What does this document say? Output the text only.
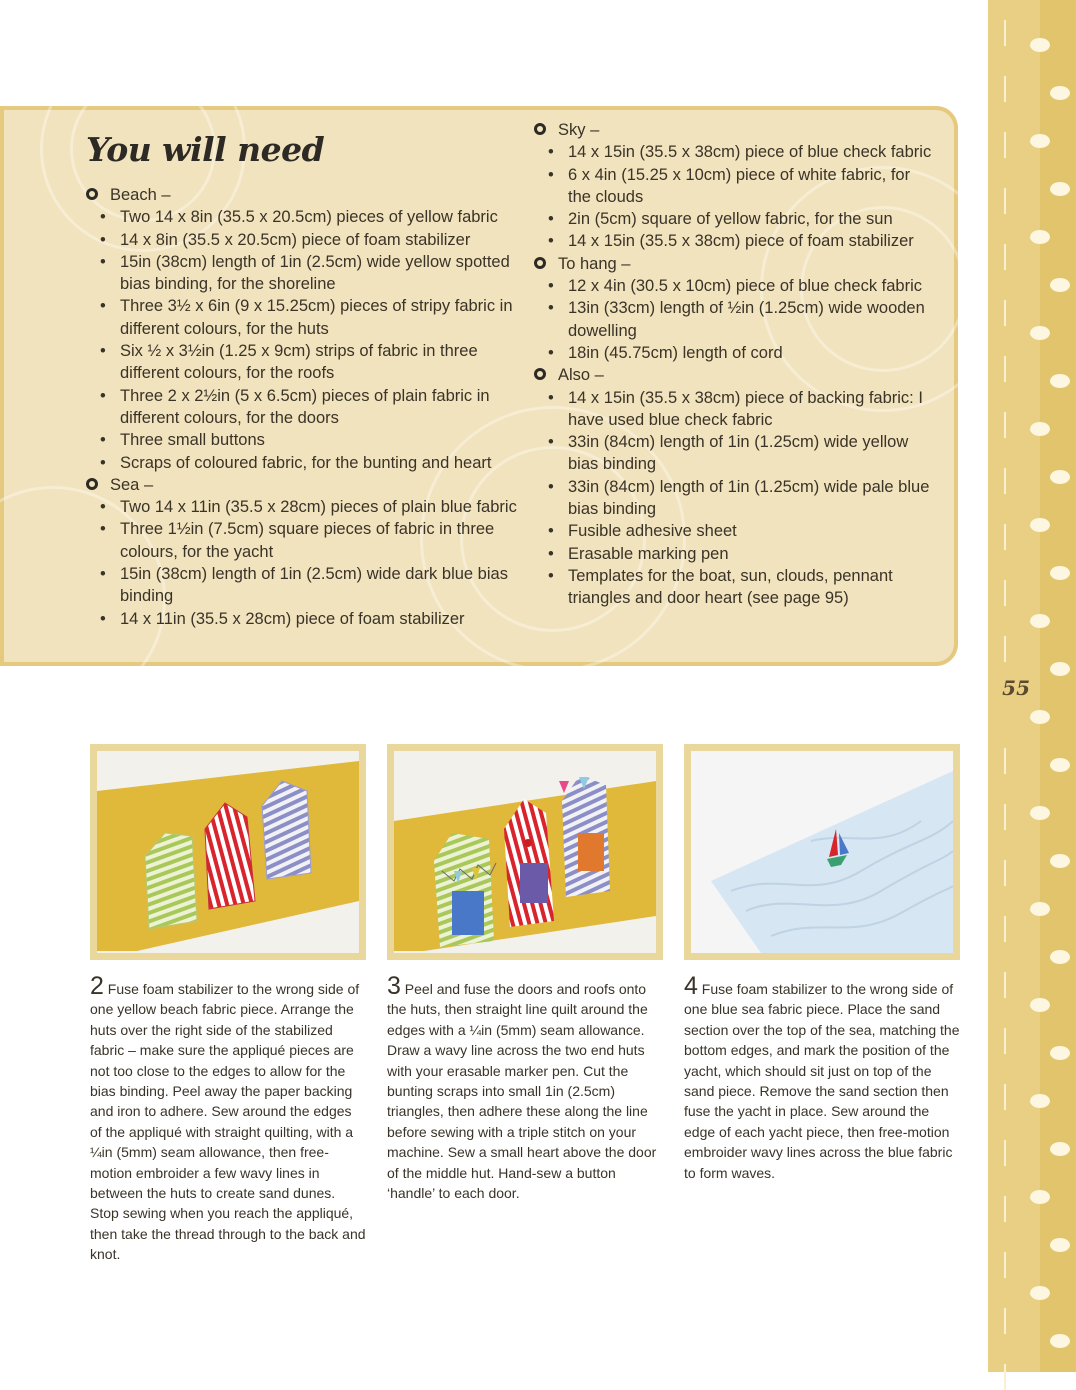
55
You will need
Beach –
• Two 14 x 8in (35.5 x 20.5cm) pieces of yellow fabric
• 14 x 8in (35.5 x 20.5cm) piece of foam stabilizer
• 15in (38cm) length of 1in (2.5cm) wide yellow spotted bias binding, for the shoreline
• Three 3½ x 6in (9 x 15.25cm) pieces of stripy fabric in different colours, for the huts
• Six ½ x 3½in (1.25 x 9cm) strips of fabric in three different colours, for the roofs
• Three 2 x 2½in (5 x 6.5cm) pieces of plain fabric in different colours, for the doors
• Three small buttons
• Scraps of coloured fabric, for the bunting and heart
Sea –
• Two 14 x 11in (35.5 x 28cm) pieces of plain blue fabric
• Three 1½in (7.5cm) square pieces of fabric in three colours, for the yacht
• 15in (38cm) length of 1in (2.5cm) wide dark blue bias binding
• 14 x 11in (35.5 x 28cm) piece of foam stabilizer
Sky –
• 14 x 15in (35.5 x 38cm) piece of blue check fabric
• 6 x 4in (15.25 x 10cm) piece of white fabric, for the clouds
• 2in (5cm) square of yellow fabric, for the sun
• 14 x 15in (35.5 x 38cm) piece of foam stabilizer
To hang –
• 12 x 4in (30.5 x 10cm) piece of blue check fabric
• 13in (33cm) length of ½in (1.25cm) wide wooden dowelling
• 18in (45.75cm) length of cord
Also –
• 14 x 15in (35.5 x 38cm) piece of backing fabric: I have used blue check fabric
• 33in (84cm) length of 1in (1.25cm) wide yellow bias binding
• 33in (84cm) length of 1in (1.25cm) wide pale blue bias binding
• Fusible adhesive sheet
• Erasable marking pen
• Templates for the boat, sun, clouds, pennant triangles and door heart (see page 95)
2 Fuse foam stabilizer to the wrong side of one yellow beach fabric piece. Arrange the huts over the right side of the stabilized fabric – make sure the appliqué pieces are not too close to the edges to allow for the bias binding. Peel away the paper backing and iron to adhere. Sew around the edges of the appliqué with straight quilting, with a ¼in (5mm) seam allowance, then free-motion embroider a few wavy lines in between the huts to create sand dunes. Stop sewing when you reach the appliqué, then take the thread through to the back and knot.
3 Peel and fuse the doors and roofs onto the huts, then straight line quilt around the edges with a ¼in (5mm) seam allowance. Draw a wavy line across the two end huts with your erasable marker pen. Cut the bunting scraps into small 1in (2.5cm) triangles, then adhere these along the line before sewing with a triple stitch on your machine. Sew a small heart above the door of the middle hut. Hand-sew a button ‘handle’ to each door.
4 Fuse foam stabilizer to the wrong side of one blue sea fabric piece. Place the sand section over the top of the sea, matching the bottom edges, and mark the position of the yacht, which should sit just on top of the sand piece. Remove the sand section then fuse the yacht in place. Sew around the edge of each yacht piece, then free-motion embroider wavy lines across the blue fabric to form waves.
